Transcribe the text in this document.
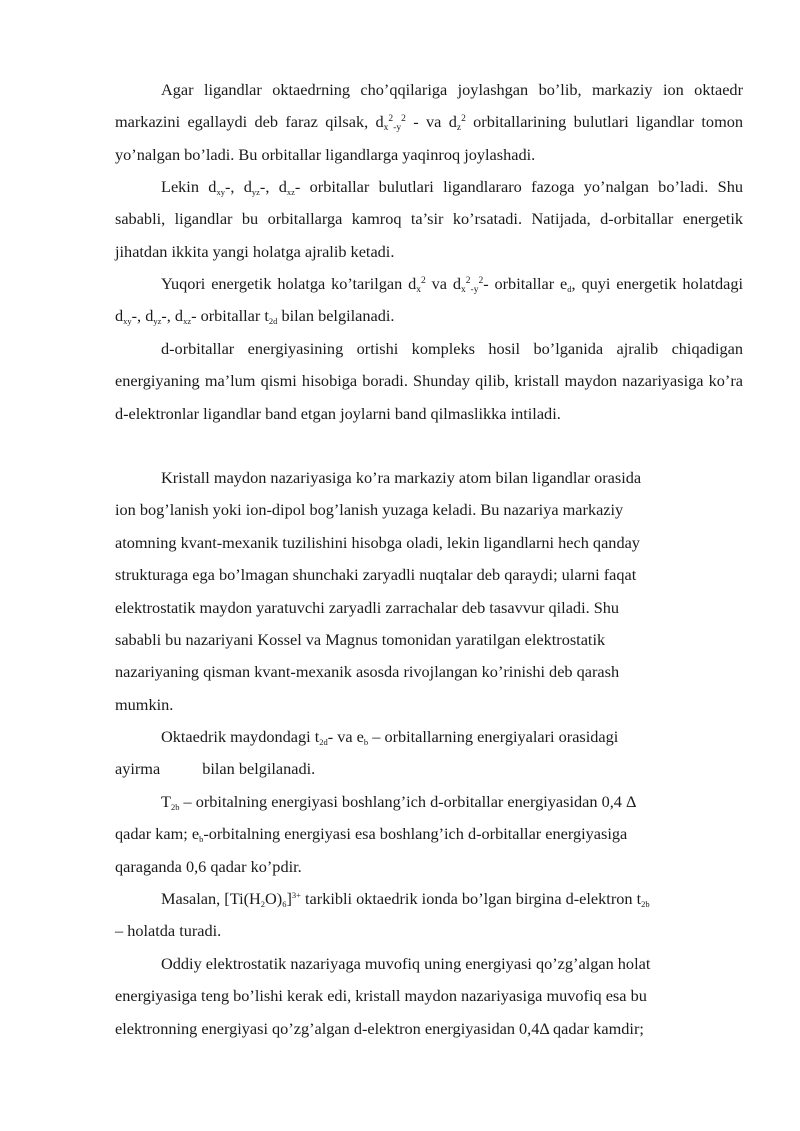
Agar ligandlar oktaedrning cho’qqilariga joylashgan bo’lib, markaziy ion oktaedr markazini egallaydi deb faraz qilsak, $d_x^2_{-y}^2$ - va $d_z^2$ orbitallarining bulutlari ligandlar tomon yo’nalgan bo’ladi. Bu orbitallar ligandlarga yaqinroq joylashadi.

Lekin $d_{xy}-$, $d_{yz}-$, $d_{xz}-$ orbitallar bulutlari ligandlararo fazoga yo’nalgan bo’ladi. Shu sababli, ligandlar bu orbitallarga kamroq ta’sir ko’rsatadi. Natijada, d-orbitallar energetik jihatdan ikkita yangi holatga ajralib ketadi.

Yuqori energetik holatga ko’tarilgan $d_x^2$ va $d_x^2_{-y}^2-$ orbitallar $e_d$, quyi energetik holatdagi $d_{xy}-$, $d_{yz}-$, $d_{xz}-$ orbitallar $t_{2d}$ bilan belgilanadi.

d-orbitallar energiyasining ortishi kompleks hosil bo’lganida ajralib chiqadigan energiyaning ma’lum qismi hisobiga boradi. Shunday qilib, kristall maydon nazariyasiga ko’ra d-elektronlar ligandlar band etgan joylarni band qilmaslikka intiladi.

Kristall maydon nazariyasiga ko’ra markaziy atom bilan ligandlar orasida
ion bog’lanish yoki ion-dipol bog’lanish yuzaga keladi. Bu nazariya markaziy
atomning kvant-mexanik tuzilishini hisobga oladi, lekin ligandlarni hech qanday
strukturaga ega bo’lmagan shunchaki zaryadli nuqtalar deb qaraydi; ularni faqat
elektrostatik maydon yaratuvchi zaryadli zarrachalar deb tasavvur qiladi. Shu
sababli bu nazariyani Kossel va Magnus tomonidan yaratilgan elektrostatik
nazariyaning qisman kvant-mexanik asosda rivojlangan ko’rinishi deb qarash
mumkin.
Oktaedrik maydondagi $t_{2d}-$ va $e_b$ – orbitallarning energiyalari orasidagi
ayirma	bilan belgilanadi.
$T_{2b}$ – orbitalning energiyasi boshlang’ich d-orbitallar energiyasidan 0,4 Δ
qadar kam; $e_b$-orbitalning energiyasi esa boshlang’ich d-orbitallar energiyasiga
qaraganda 0,6 qadar ko’pdir.
Masalan, $[Ti(H_2O)_6]^{3+}$ tarkibli oktaedrik ionda bo’lgan birgina d-elektron $t_{2b}$
– holatda turadi.
Oddiy elektrostatik nazariyaga muvofiq uning energiyasi qo’zg’algan holat
energiyasiga teng bo’lishi kerak edi, kristall maydon nazariyasiga muvofiq esa bu
elektronning energiyasi qo’zg’algan d-elektron energiyasidan 0,4Δ qadar kamdir;
